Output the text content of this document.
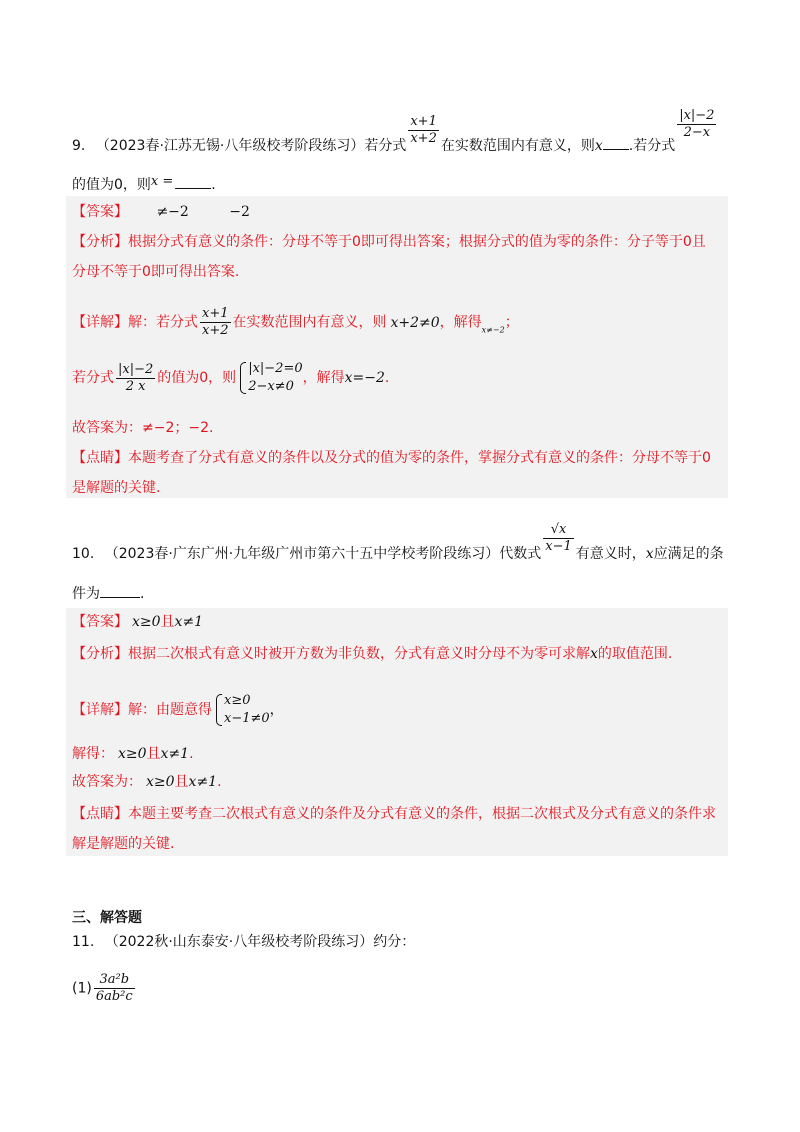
9. （2023春·江苏无锡·八年级校考阶段练习）若分式 $\frac{x+1}{x+2}$ 在实数范围内有意义，则x .若分式
$\frac{|x|-2}{2-x}$
的值为0，则x =	.
【答案】 ≠−2	−2
【分析】根据分式有意义的条件：分母不等于0即可得出答案；根据分式的值为零的条件：分子等于0且
分母不等于0即可得出答案.
【详解】解：若分式 $\frac{x+1}{x+2}$ 在实数范围内有意义，则 x+2≠0，解得$_{x\ne-2}$；
若分式 $\frac{|x|-2}{2 x}$ 的值为0，则
|x|−2=0
2−x≠0
，解得x=−2.
故答案为：≠−2；−2.
【点睛】本题考查了分式有意义的条件以及分式的值为零的条件，掌握分式有意义的条件：分母不等于0
是解题的关键.
10. （2023春·广东广州·九年级广州市第六十五中学校考阶段练习）代数式 $\frac{√x}{x-1}$ 有意义时，x应满足的条
件为	.
【答案】 x≥0且x≠1
【分析】根据二次根式有意义时被开方数为非负数，分式有意义时分母不为零可求解x的取值范围.
【详解】解：由题意得
x≥0
x−1≠0
，
解得： x≥0且x≠1.
故答案为： x≥0且x≠1.
【点睛】本题主要考查二次根式有意义的条件及分式有意义的条件，根据二次根式及分式有意义的条件求
解是解题的关键.
三、解答题
11. （2022秋·山东泰安·八年级校考阶段练习）约分：
$(1) \frac{\text{3a²b}}{\text{6ab²c}}$
